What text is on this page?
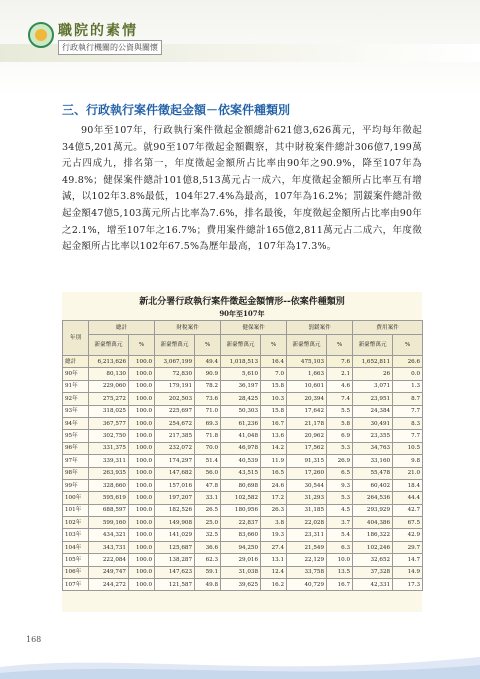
職院的素情
行政執行機關的公資與關懷
三、行政執行案件徵起金額－依案件種類別

90年至107年，行政執行案件徵起金額總計621億3,626萬元，平均每年徵起34億5,201萬元。就90至107年徵起金額觀察，其中財稅案件總計306億7,199萬元占四成九，排名第一，年度徵起金額所占比率由90年之90.9%，降至107年為49.8%；健保案件總計101億8,513萬元占一成六，年度徵起金額所占比率互有增減，以102年3.8%最低，104年27.4%為最高，107年為16.2%；罰鍰案件總計徵起金額47億5,103萬元所占比率為7.6%，排名最後，年度徵起金額所占比率由90年之2.1%，增至107年之16.7%；費用案件總計165億2,811萬元占二成六，年度徵起金額所占比率以102年67.5%為歷年最高，107年為17.3%。

新北分署行政執行案件徵起金額情形--依案件種類別
90年至107年
年別	總計		財稅案件		健保案件		罰鍰案件		費用案件	
	新臺幣萬元	%	新臺幣萬元	%	新臺幣萬元	%	新臺幣萬元	%	新臺幣萬元	%
總計	6,213,626	100.0	3,067,199	49.4	1,018,513	16.4	475,103	7.6	1,652,811	26.6
90年	80,130	100.0	72,830	90.9	5,610	7.0	1,663	2.1	26	0.0
91年	229,060	100.0	179,191	78.2	36,197	15.8	10,601	4.6	3,071	1.3
92年	275,272	100.0	202,503	73.6	28,425	10.3	20,394	7.4	23,951	8.7
93年	318,025	100.0	225,697	71.0	50,303	15.8	17,642	5.5	24,384	7.7
94年	367,577	100.0	254,672	69.3	61,236	16.7	21,178	5.8	30,491	8.3
95年	302,750	100.0	217,385	71.8	41,048	13.6	20,962	6.9	23,355	7.7
96年	331,375	100.0	232,072	70.0	46,978	14.2	17,562	5.3	34,763	10.5
97年	339,311	100.0	174,297	51.4	40,539	11.9	91,315	26.9	33,160	9.8
98年	263,935	100.0	147,682	56.0	43,515	16.5	17,260	6.5	55,478	21.0
99年	328,660	100.0	157,016	47.8	80,698	24.6	30,544	9.3	60,402	18.4
100年	595,619	100.0	197,207	33.1	102,582	17.2	31,293	5.3	264,536	44.4
101年	688,597	100.0	182,526	26.5	180,956	26.3	31,185	4.5	293,929	42.7
102年	599,160	100.0	149,908	25.0	22,837	3.8	22,028	3.7	404,386	67.5
103年	434,321	100.0	141,029	32.5	83,660	19.3	23,311	5.4	186,322	42.9
104年	343,731	100.0	125,687	36.6	94,250	27.4	21,549	6.3	102,246	29.7
105年	222,084	100.0	138,287	62.3	29,016	13.1	22,129	10.0	32,652	14.7
106年	249,747	100.0	147,623	59.1	31,038	12.4	33,758	13.5	37,328	14.9
107年	244,272	100.0	121,587	49.8	39,625	16.2	40,729	16.7	42,331	17.3
168
